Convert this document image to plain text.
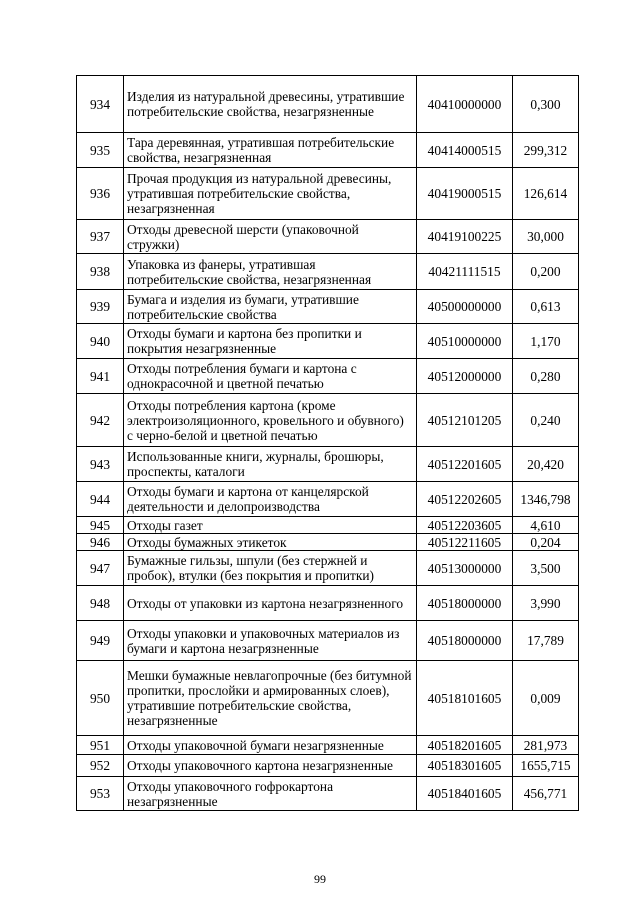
934	Изделия из натуральной древесины, утратившие потребительские свойства, незагрязненные	40410000000	0,300
935	Тара деревянная, утратившая потребительские свойства, незагрязненная	40414000515	299,312
936	Прочая продукция из натуральной древесины, утратившая потребительские свойства, незагрязненная	40419000515	126,614
937	Отходы древесной шерсти (упаковочной стружки)	40419100225	30,000
938	Упаковка из фанеры, утратившая потребительские свойства, незагрязненная	40421111515	0,200
939	Бумага и изделия из бумаги, утратившие потребительские свойства	40500000000	0,613
940	Отходы бумаги и картона без пропитки и покрытия незагрязненные	40510000000	1,170
941	Отходы потребления бумаги и картона с однокрасочной и цветной печатью	40512000000	0,280
942	Отходы потребления картона (кроме электроизоляционного, кровельного и обувного) с черно-белой и цветной печатью	40512101205	0,240
943	Использованные книги, журналы, брошюры, проспекты, каталоги	40512201605	20,420
944	Отходы бумаги и картона от канцелярской деятельности и делопроизводства	40512202605	1346,798
945	Отходы газет	40512203605	4,610
946	Отходы бумажных этикеток	40512211605	0,204
947	Бумажные гильзы, шпули (без стержней и пробок), втулки (без покрытия и пропитки)	40513000000	3,500
948	Отходы от упаковки из картона незагрязненного	40518000000	3,990
949	Отходы упаковки и упаковочных материалов из бумаги и картона незагрязненные	40518000000	17,789
950	Мешки бумажные невлагопрочные (без битумной пропитки, прослойки и армированных слоев), утратившие потребительские свойства, незагрязненные	40518101605	0,009
951	Отходы упаковочной бумаги незагрязненные	40518201605	281,973
952	Отходы упаковочного картона незагрязненные	40518301605	1655,715
953	Отходы упаковочного гофрокартона незагрязненные	40518401605	456,771
99
